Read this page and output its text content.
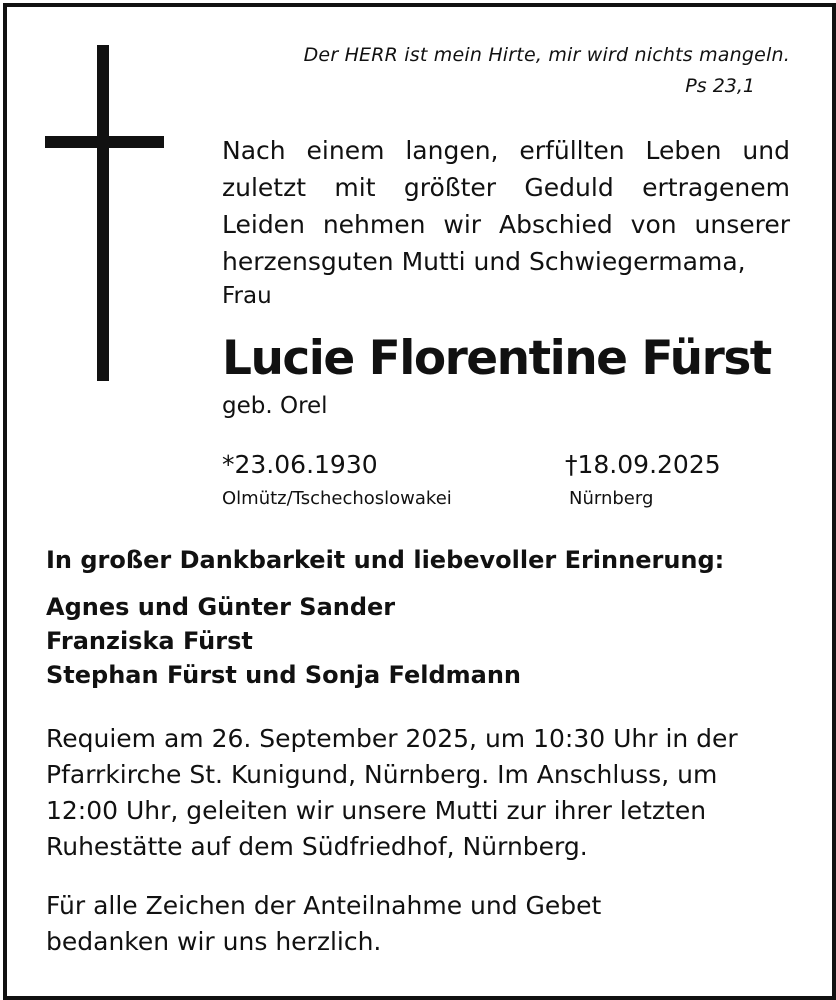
Der HERR ist mein Hirte, mir wird nichts mangeln.
Ps 23,1
Nach einem langen, erfüllten Leben und
zuletzt mit größter Geduld ertragenem
Leiden nehmen wir Abschied von unserer
herzensguten Mutti und Schwiegermama,
Frau
Lucie Florentine Fürst
geb. Orel
*23.06.1930	†18.09.2025
Olmütz/Tschechoslowakei	Nürnberg
In großer Dankbarkeit und liebevoller Erinnerung:
Agnes und Günter Sander
Franziska Fürst
Stephan Fürst und Sonja Feldmann
Requiem am 26. September 2025, um 10:30 Uhr in der
Pfarrkirche St. Kunigund, Nürnberg. Im Anschluss, um
12:00 Uhr, geleiten wir unsere Mutti zur ihrer letzten
Ruhestätte auf dem Südfriedhof, Nürnberg.
Für alle Zeichen der Anteilnahme und Gebet
bedanken wir uns herzlich.
